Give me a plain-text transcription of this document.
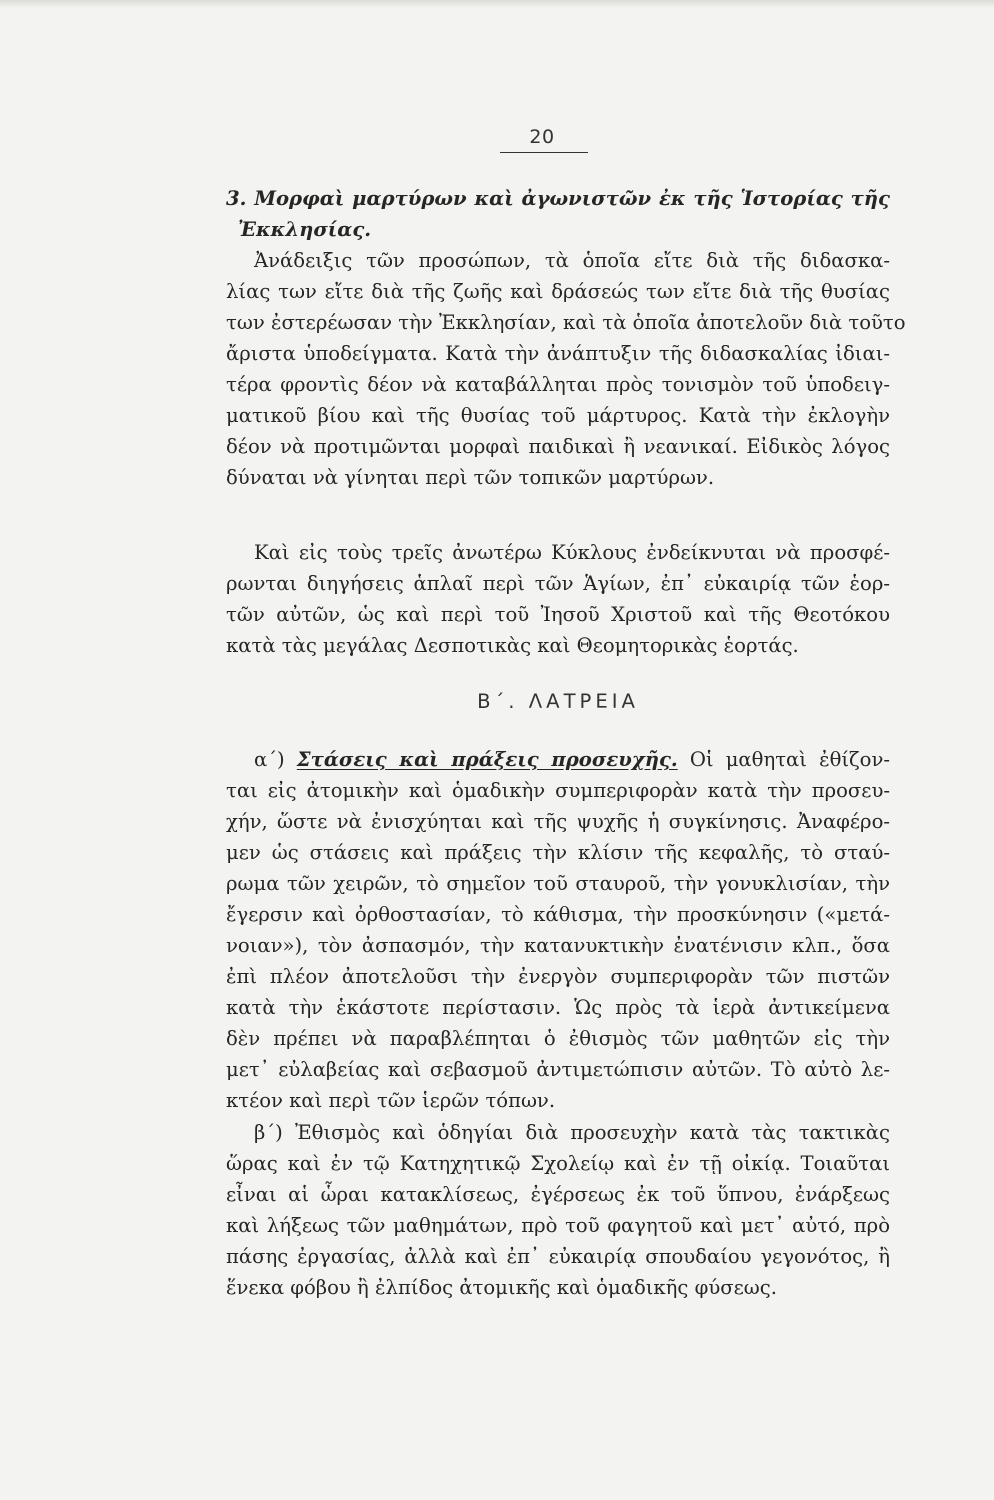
20
3. Μορφαὶ μαρτύρων καὶ ἀγωνιστῶν ἐκ τῆς Ἱστορίας τῆς
Ἐκκλησίας.
Ἀνάδειξις τῶν προσώπων, τὰ ὁποῖα εἴτε διὰ τῆς διδασκα-
λίας των εἴτε διὰ τῆς ζωῆς καὶ δράσεώς των εἴτε διὰ τῆς θυσίας
των ἐστερέωσαν τὴν Ἐκκλησίαν, καὶ τὰ ὁποῖα ἀποτελοῦν διὰ τοῦτο
ἄριστα ὑποδείγματα. Κατὰ τὴν ἀνάπτυξιν τῆς διδασκαλίας ἰδιαι-
τέρα φροντὶς δέον νὰ καταβάλληται πρὸς τονισμὸν τοῦ ὑποδειγ-
ματικοῦ βίου καὶ τῆς θυσίας τοῦ μάρτυρος. Κατὰ τὴν ἐκλογὴν
δέον νὰ προτιμῶνται μορφαὶ παιδικαὶ ἢ νεανικαί. Εἰδικὸς λόγος
δύναται νὰ γίνηται περὶ τῶν τοπικῶν μαρτύρων.
Καὶ εἰς τοὺς τρεῖς ἀνωτέρω Κύκλους ἐνδείκνυται νὰ προσφέ-
ρωνται διηγήσεις ἁπλαῖ περὶ τῶν Ἁγίων, ἐπ᾽ εὐκαιρίᾳ τῶν ἑορ-
τῶν αὐτῶν, ὡς καὶ περὶ τοῦ Ἰησοῦ Χριστοῦ καὶ τῆς Θεοτόκου
κατὰ τὰς μεγάλας Δεσποτικὰς καὶ Θεομητορικὰς ἑορτάς.
Β΄. ΛΑΤΡΕΙΑ
α΄) Στάσεις καὶ πράξεις προσευχῆς. Οἱ μαθηταὶ ἐθίζον-
ται εἰς ἀτομικὴν καὶ ὁμαδικὴν συμπεριφορὰν κατὰ τὴν προσευ-
χήν, ὥστε νὰ ἐνισχύηται καὶ τῆς ψυχῆς ἡ συγκίνησις. Ἀναφέρο-
μεν ὡς στάσεις καὶ πράξεις τὴν κλίσιν τῆς κεφαλῆς, τὸ σταύ-
ρωμα τῶν χειρῶν, τὸ σημεῖον τοῦ σταυροῦ, τὴν γονυκλισίαν, τὴν
ἔγερσιν καὶ ὀρθοστασίαν, τὸ κάθισμα, τὴν προσκύνησιν («μετά-
νοιαν»), τὸν ἀσπασμόν, τὴν κατανυκτικὴν ἐνατένισιν κλπ., ὅσα
ἐπὶ πλέον ἀποτελοῦσι τὴν ἐνεργὸν συμπεριφορὰν τῶν πιστῶν
κατὰ τὴν ἑκάστοτε περίστασιν. Ὡς πρὸς τὰ ἱερὰ ἀντικείμενα
δὲν πρέπει νὰ παραβλέπηται ὁ ἐθισμὸς τῶν μαθητῶν εἰς τὴν
μετ᾽ εὐλαβείας καὶ σεβασμοῦ ἀντιμετώπισιν αὐτῶν. Τὸ αὐτὸ λε-
κτέον καὶ περὶ τῶν ἱερῶν τόπων.
β΄) Ἐθισμὸς καὶ ὁδηγίαι διὰ προσευχὴν κατὰ τὰς τακτικὰς
ὥρας καὶ ἐν τῷ Κατηχητικῷ Σχολείῳ καὶ ἐν τῇ οἰκίᾳ. Τοιαῦται
εἶναι αἱ ὧραι κατακλίσεως, ἐγέρσεως ἐκ τοῦ ὕπνου, ἐνάρξεως
καὶ λήξεως τῶν μαθημάτων, πρὸ τοῦ φαγητοῦ καὶ μετ᾽ αὐτό, πρὸ
πάσης ἐργασίας, ἀλλὰ καὶ ἐπ᾽ εὐκαιρίᾳ σπουδαίου γεγονότος, ἢ
ἕνεκα φόβου ἢ ἐλπίδος ἀτομικῆς καὶ ὁμαδικῆς φύσεως.
